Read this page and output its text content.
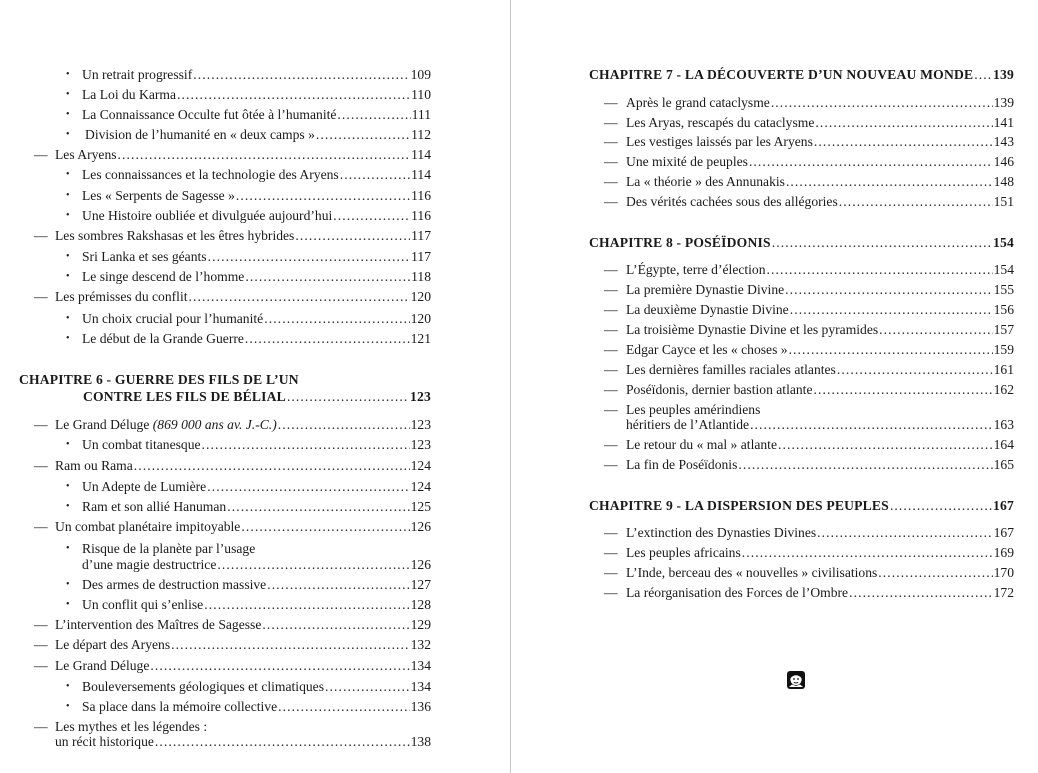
• Un retrait progressif .....	109
• La Loi du Karma .....	110
• La Connaissance Occulte fut ôtée à l’humanité .....	111
• Division de l’humanité en « deux camps » .....	112
— Les Aryens .....	114
• Les connaissances et la technologie des Aryens .....	114
• Les « Serpents de Sagesse » .....	116
• Une Histoire oubliée et divulguée aujourd’hui .....	116
— Les sombres Rakshasas et les êtres hybrides .....	117
• Sri Lanka et ses géants .....	117
• Le singe descend de l’homme .....	118
— Les prémisses du conflit .....	120
• Un choix crucial pour l’humanité .....	120
• Le début de la Grande Guerre .....	121
CHAPITRE 6 - GUERRE DES FILS DE L’UN
CONTRE LES FILS DE BÉLIAL .....	123
— Le Grand Déluge (869 000 ans av. J.-C.) .....	123
• Un combat titanesque .....	123
— Ram ou Rama .....	124
• Un Adepte de Lumière .....	124
• Ram et son allié Hanuman .....	125
— Un combat planétaire impitoyable .....	126
• Risque de la planète par l’usage
d’une magie destructrice .....	126
• Des armes de destruction massive .....	127
• Un conflit qui s’enlise .....	128
— L’intervention des Maîtres de Sagesse .....	129
— Le départ des Aryens .....	132
— Le Grand Déluge .....	134
• Bouleversements géologiques et climatiques .....	134
• Sa place dans la mémoire collective .....	136
— Les mythes et les légendes :
un récit historique .....	138
CHAPITRE 7 - LA DÉCOUVERTE D’UN NOUVEAU MONDE ..... 139
— Après le grand cataclysme .....	139
— Les Aryas, rescapés du cataclysme .....	141
— Les vestiges laissés par les Aryens .....	143
— Une mixité de peuples .....	146
— La « théorie » des Annunakis .....	148
— Des vérités cachées sous des allégories .....	151
CHAPITRE 8 - POSÉÏDONIS .....	154
— L’Égypte, terre d’élection .....	154
— La première Dynastie Divine .....	155
— La deuxième Dynastie Divine .....	156
— La troisième Dynastie Divine et les pyramides .....	157
— Edgar Cayce et les « choses » .....	159
— Les dernières familles raciales atlantes .....	161
— Poséïdonis, dernier bastion atlante .....	162
— Les peuples amérindiens
héritiers de l’Atlantide .....	163
— Le retour du « mal » atlante .....	164
— La fin de Poséïdonis .....	165
CHAPITRE 9 - LA DISPERSION DES PEUPLES .....	167
— L’extinction des Dynasties Divines .....	167
— Les peuples africains .....	169
— L’Inde, berceau des « nouvelles » civilisations .....	170
— La réorganisation des Forces de l’Ombre .....	172
